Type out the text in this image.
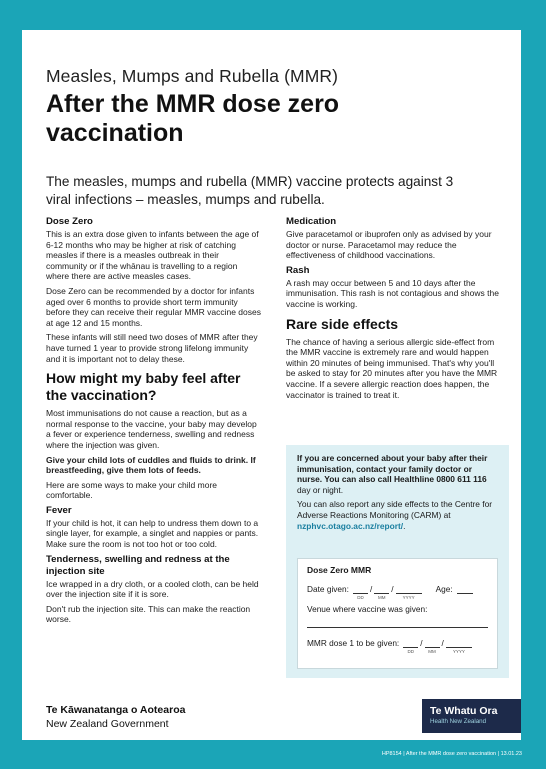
Measles, Mumps and Rubella (MMR)
After the MMR dose zero vaccination
The measles, mumps and rubella (MMR) vaccine protects against 3 viral infections – measles, mumps and rubella.
Dose Zero

This is an extra dose given to infants between the age of 6-12 months who may be higher at risk of catching measles if there is a measles outbreak in their community or if the whānau is travelling to a region where there are active measles cases.

Dose Zero can be recommended by a doctor for infants aged over 6 months to provide short term immunity before they can receive their regular MMR vaccine doses at age 12 and 15 months.

These infants will still need two doses of MMR after they have turned 1 year to provide strong lifelong immunity and it is important not to delay these.

How might my baby feel after the vaccination?

Most immunisations do not cause a reaction, but as a normal response to the vaccine, your baby may develop a fever or experience tenderness, swelling and redness where the injection was given.

Give your child lots of cuddles and fluids to drink. If breastfeeding, give them lots of feeds.

Here are some ways to make your child more comfortable.

Fever

If your child is hot, it can help to undress them down to a single layer, for example, a singlet and nappies or pants. Make sure the room is not too hot or too cold.

Tenderness, swelling and redness at the injection site

Ice wrapped in a dry cloth, or a cooled cloth, can be held over the injection site if it is sore.

Don't rub the injection site. This can make the reaction worse.

Medication

Give paracetamol or ibuprofen only as advised by your doctor or nurse. Paracetamol may reduce the effectiveness of childhood vaccinations.

Rash

A rash may occur between 5 and 10 days after the immunisation. This rash is not contagious and shows the vaccine is working.

Rare side effects

The chance of having a serious allergic side-effect from the MMR vaccine is extremely rare and would happen within 20 minutes of being immunised. That's why you'll be asked to stay for 20 minutes after you have the MMR vaccine. If a severe allergic reaction does happen, the vaccinator is trained to treat it.

If you are concerned about your baby after their immunisation, contact your family doctor or nurse. You can also call Healthline 0800 611 116 day or night.

You can also report any side effects to the Centre for Adverse Reactions Monitoring (CARM) at nzphvc.otago.ac.nz/report/.

Dose Zero MMR
Date given:
DD
/
MM
/
YYYY
Age:
Venue where vaccine was given:
MMR dose 1 to be given:
DD
/
MM
/
YYYY
Te Kāwanatanga o Aotearoa
New Zealand Government
Te Whatu Ora
Health New Zealand
HP8154 | After the MMR dose zero vaccination | 13.01.23
